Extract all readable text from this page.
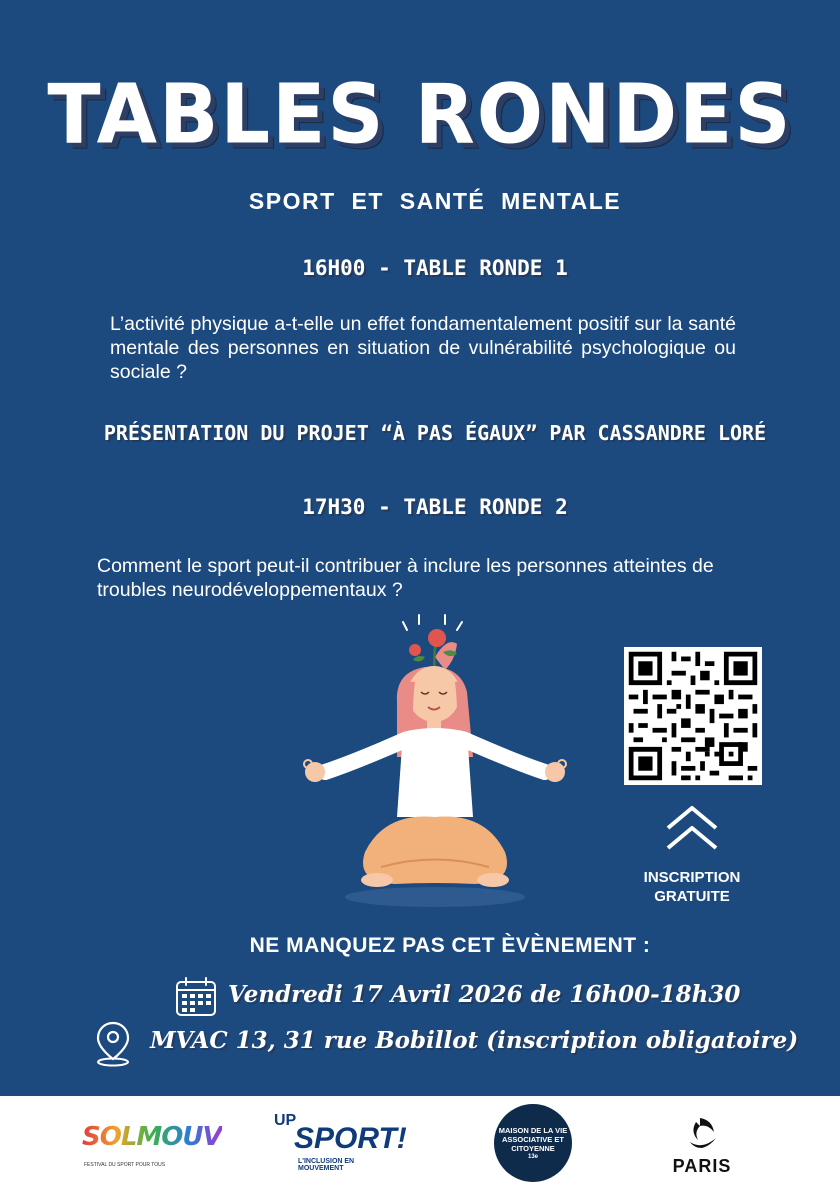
TABLES RONDES
SPORT ET SANTÉ MENTALE
16H00 - TABLE RONDE 1
L’activité physique a-t-elle un effet fondamentalement positif sur la santé mentale des personnes en situation de vulnérabilité psychologique ou sociale ?
PRÉSENTATION DU PROJET “À PAS ÉGAUX” PAR CASSANDRE LORÉ
17H30 - TABLE RONDE 2
Comment le sport peut-il contribuer à inclure les personnes atteintes de troubles neurodéveloppementaux ?
INSCRIPTION GRATUITE
NE MANQUEZ PAS CET ÈVÈNEMENT :
Vendredi 17 Avril 2026 de 16h00-18h30
MVAC 13, 31 rue Bobillot (inscription obligatoire)
SOLMOUV
FESTIVAL DU SPORT POUR TOUS
UP
SPORT!
L'INCLUSION EN MOUVEMENT
MAISON DE LA VIE ASSOCIATIVE ET CITOYENNE
13e	PARIS
